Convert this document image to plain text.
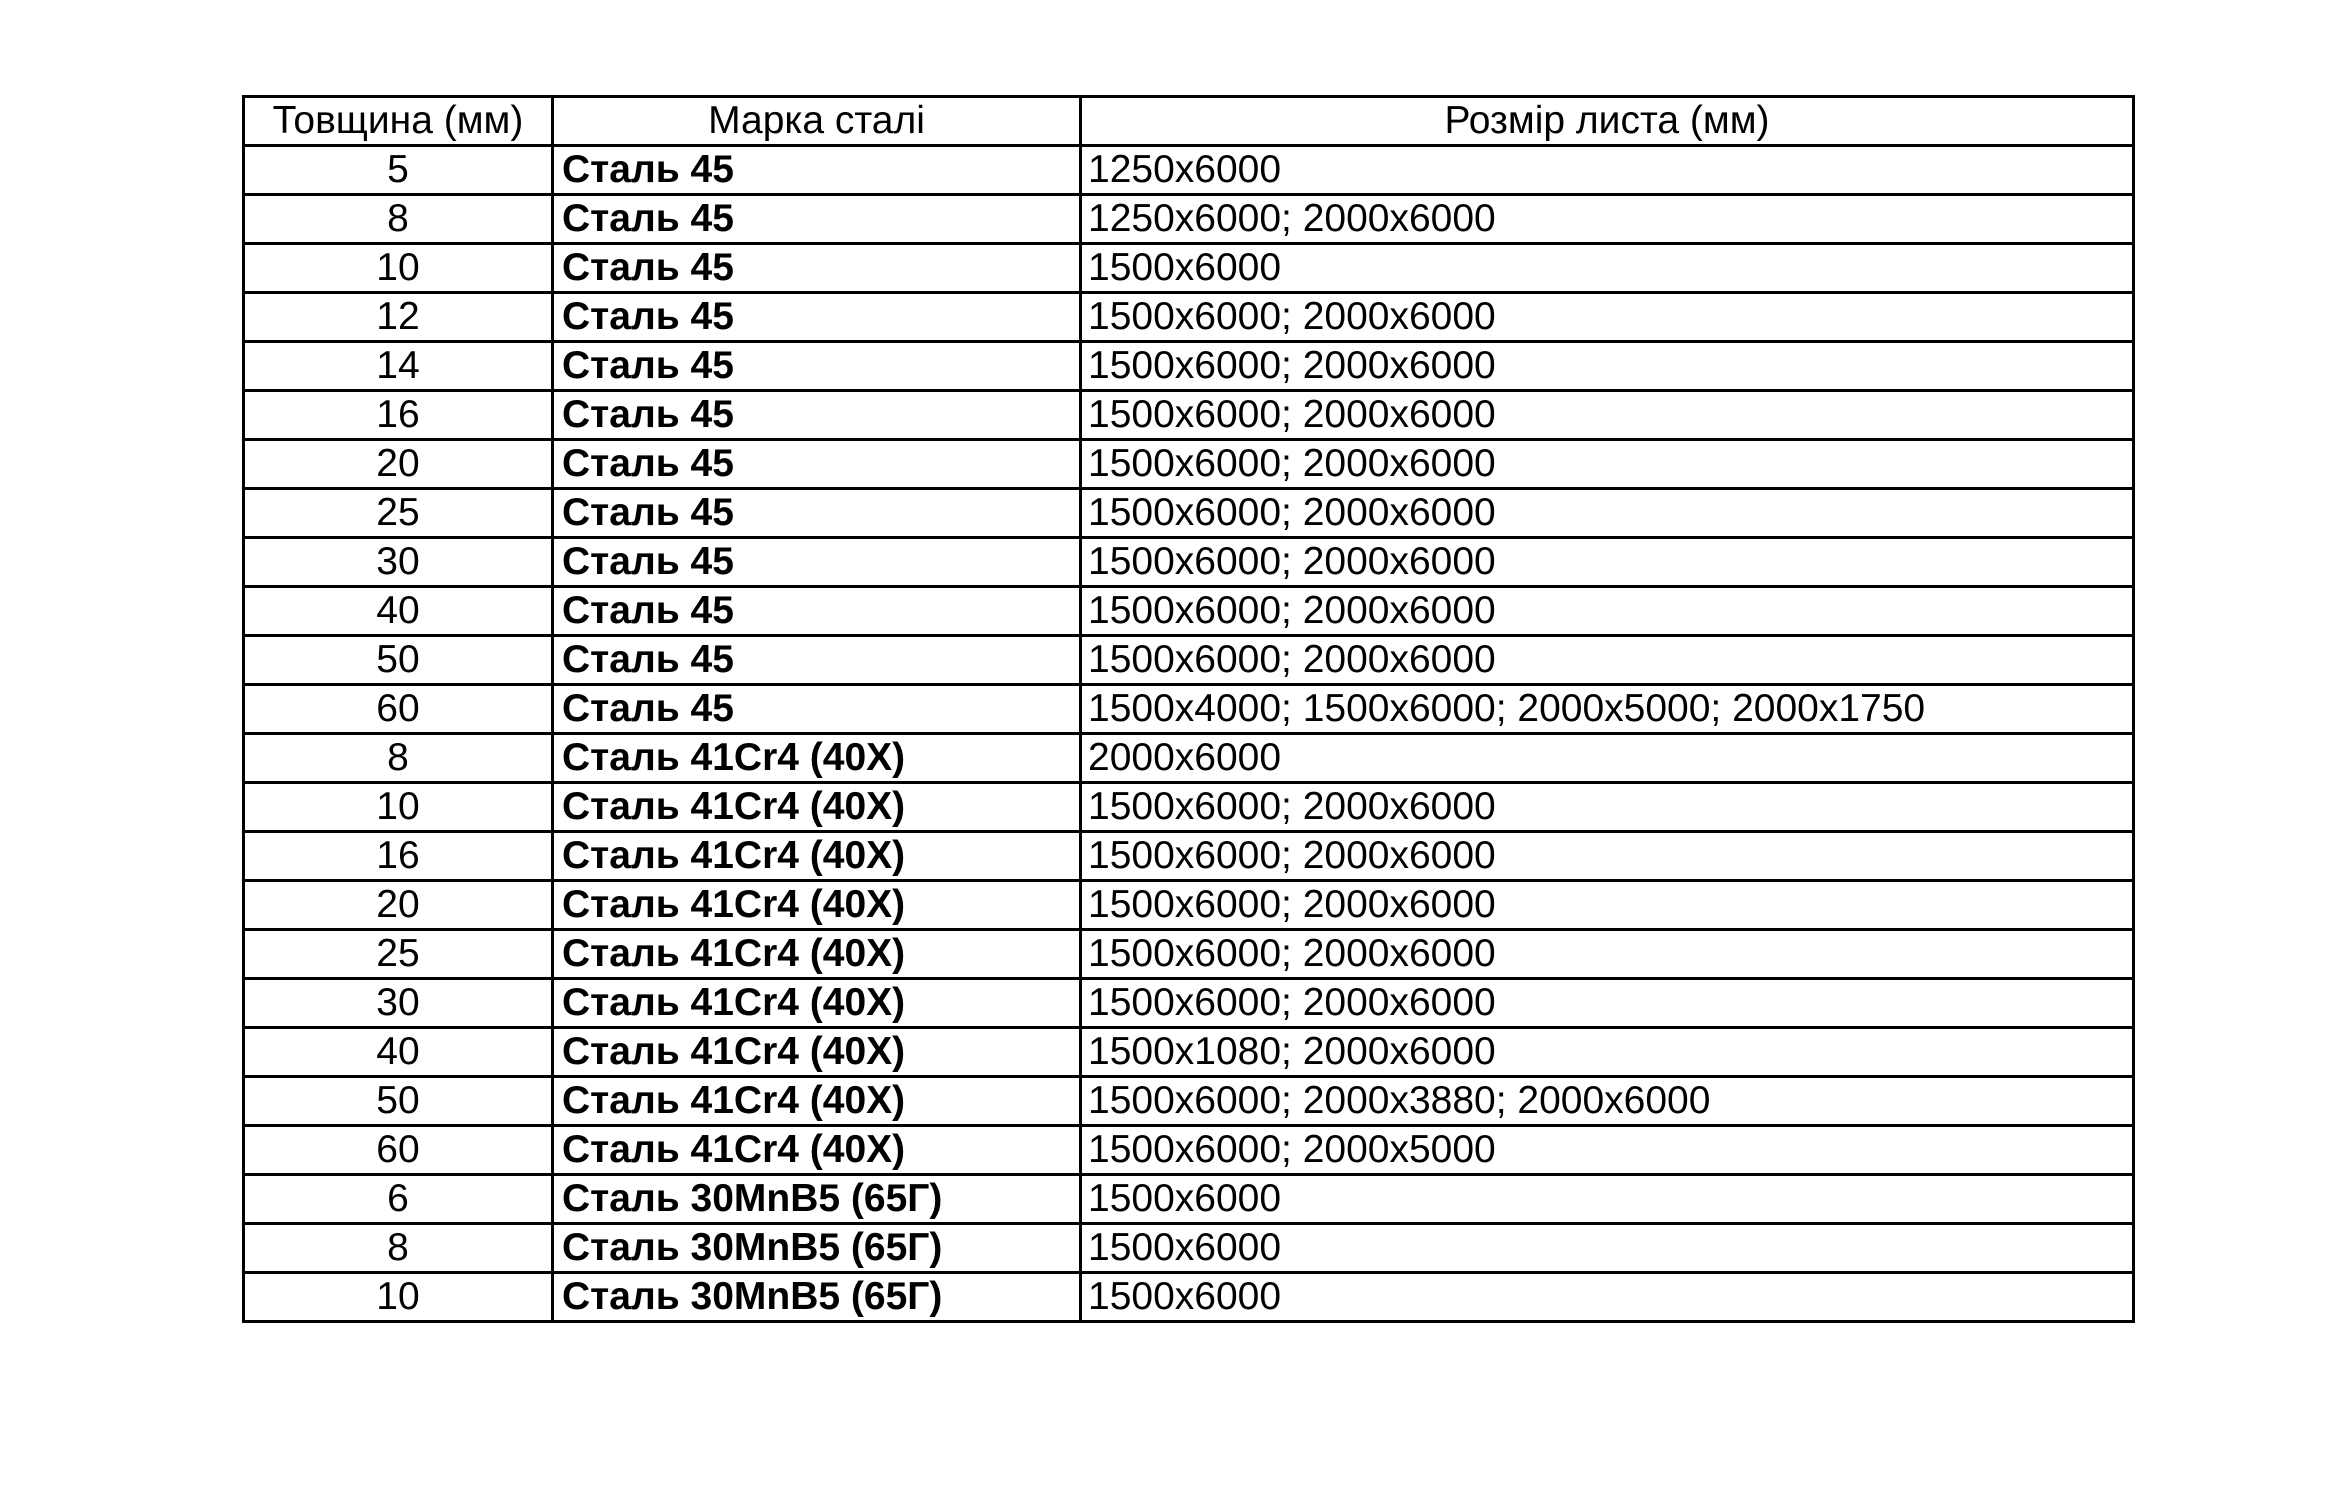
Товщина (мм)	Марка сталі	Розмір листа (мм)
5	Сталь 45	1250x6000
8	Сталь 45	1250x6000; 2000x6000
10	Сталь 45	1500x6000
12	Сталь 45	1500x6000; 2000x6000
14	Сталь 45	1500x6000; 2000x6000
16	Сталь 45	1500x6000; 2000x6000
20	Сталь 45	1500x6000; 2000x6000
25	Сталь 45	1500x6000; 2000x6000
30	Сталь 45	1500x6000; 2000x6000
40	Сталь 45	1500x6000; 2000x6000
50	Сталь 45	1500x6000; 2000x6000
60	Сталь 45	1500x4000; 1500x6000; 2000x5000; 2000x1750
8	Сталь 41Cr4 (40Х)	2000x6000
10	Сталь 41Cr4 (40Х)	1500x6000; 2000x6000
16	Сталь 41Cr4 (40Х)	1500x6000; 2000x6000
20	Сталь 41Cr4 (40Х)	1500x6000; 2000x6000
25	Сталь 41Cr4 (40Х)	1500x6000; 2000x6000
30	Сталь 41Cr4 (40Х)	1500x6000; 2000x6000
40	Сталь 41Cr4 (40Х)	1500x1080; 2000x6000
50	Сталь 41Cr4 (40Х)	1500x6000; 2000x3880; 2000x6000
60	Сталь 41Cr4 (40Х)	1500x6000; 2000x5000
6	Сталь 30MnB5 (65Г)	1500x6000
8	Сталь 30MnB5 (65Г)	1500x6000
10	Сталь 30MnB5 (65Г)	1500x6000
